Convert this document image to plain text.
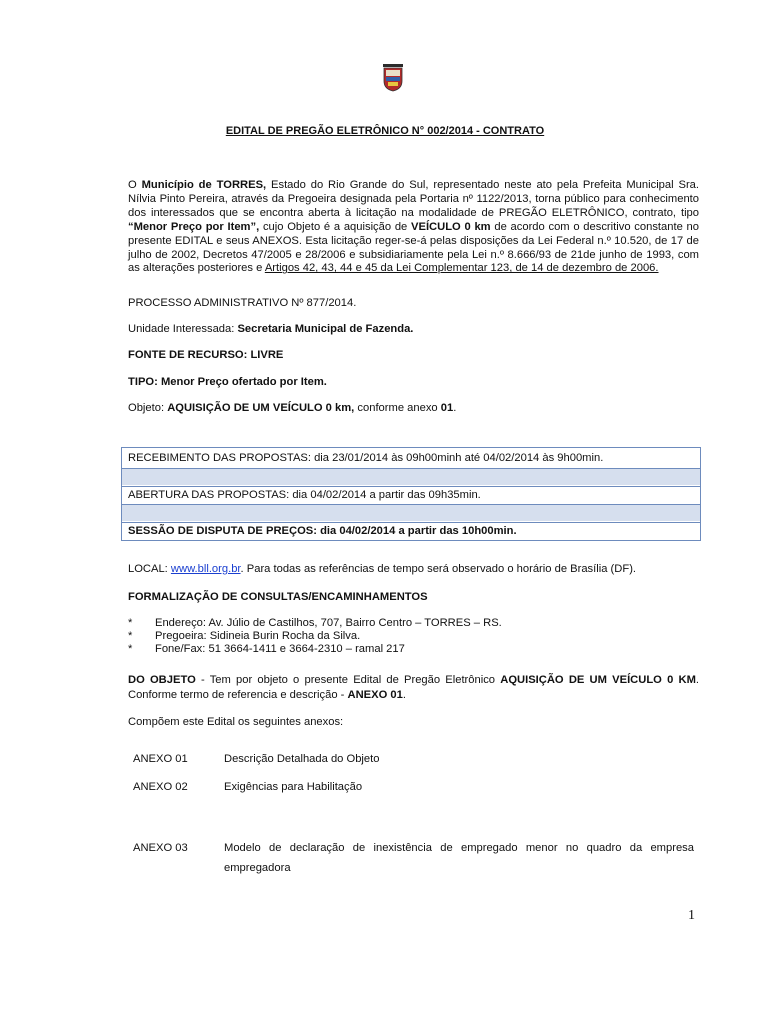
EDITAL DE PREGÃO ELETRÔNICO N° 002/2014 - CONTRATO
O Município de TORRES, Estado do Rio Grande do Sul, representado neste ato pela Prefeita Municipal Sra. Nílvia Pinto Pereira, através da Pregoeira designada pela Portaria nº 1122/2013, torna público para conhecimento dos interessados que se encontra aberta à licitação na modalidade de PREGÃO ELETRÔNICO, contrato, tipo “Menor Preço por Item”, cujo Objeto é a aquisição de VEÍCULO 0 km de acordo com o descritivo constante no presente EDITAL e seus ANEXOS. Esta licitação reger-se-á pelas disposições da Lei Federal n.º 10.520, de 17 de julho de 2002, Decretos 47/2005 e 28/2006 e subsidiariamente pela Lei n.º 8.666/93 de 21de junho de 1993, com as alterações posteriores e Artigos 42, 43, 44 e 45 da Lei Complementar 123, de 14 de dezembro de 2006.
PROCESSO ADMINISTRATIVO Nº 877/2014.
Unidade Interessada: Secretaria Municipal de Fazenda.
FONTE DE RECURSO: LIVRE
TIPO: Menor Preço ofertado por Item.
Objeto: AQUISIÇÃO DE UM VEÍCULO 0 km, conforme anexo 01.
RECEBIMENTO DAS PROPOSTAS: dia 23/01/2014 às 09h00minh até 04/02/2014 às 9h00min.
ABERTURA DAS PROPOSTAS: dia 04/02/2014 a partir das 09h35min.
SESSÃO DE DISPUTA DE PREÇOS: dia 04/02/2014 a partir das 10h00min.
LOCAL: www.bll.org.br. Para todas as referências de tempo será observado o horário de Brasília (DF).
FORMALIZAÇÃO DE CONSULTAS/ENCAMINHAMENTOS
* Endereço: Av. Júlio de Castilhos, 707, Bairro Centro – TORRES – RS.
* Pregoeira: Sidineia Burin Rocha da Silva.
* Fone/Fax: 51 3664-1411 e 3664-2310 – ramal 217
DO OBJETO - Tem por objeto o presente Edital de Pregão Eletrônico AQUISIÇÃO DE UM VEÍCULO 0 KM. Conforme termo de referencia e descrição - ANEXO 01.
Compõem este Edital os seguintes anexos:
ANEXO 01	Descrição Detalhada do Objeto
ANEXO 02	Exigências para Habilitação
ANEXO 03	Modelo de declaração de inexistência de empregado menor no quadro da empresa empregadora
1
